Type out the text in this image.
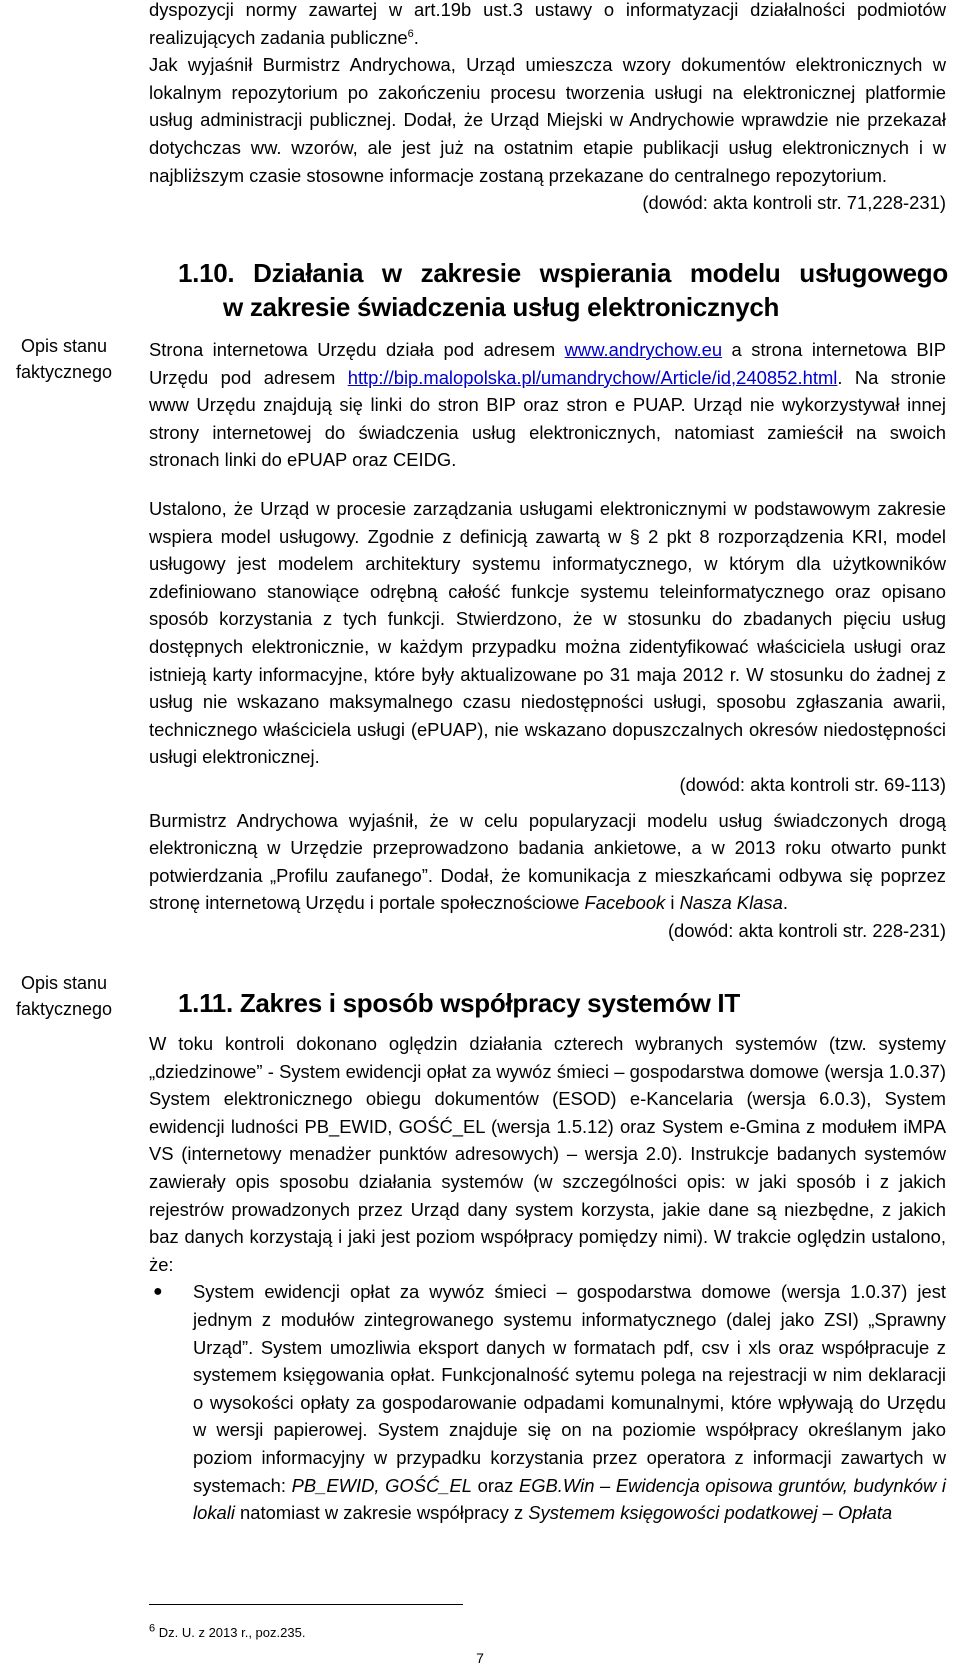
Opis stanu faktycznego
Opis stanu faktycznego

dyspozycji normy zawartej w art.19b ust.3 ustawy o informatyzacji działalności podmiotów realizujących zadania publiczne$^6$.

Jak wyjaśnił Burmistrz Andrychowa, Urząd umieszcza wzory dokumentów elektronicznych w lokalnym repozytorium po zakończeniu procesu tworzenia usługi na elektronicznej platformie usług administracji publicznej. Dodał, że Urząd Miejski w Andrychowie wprawdzie nie przekazał dotychczas ww. wzorów, ale jest już na ostatnim etapie publikacji usług elektronicznych i w najbliższym czasie stosowne informacje zostaną przekazane do centralnego repozytorium.

(dowód: akta kontroli str. 71,228-231)

1.10. Działania w zakresie wspierania modelu usługowego
w zakresie świadczenia usług elektronicznych

Strona internetowa Urzędu działa pod adresem www.andrychow.eu a strona internetowa BIP Urzędu pod adresem http://bip.malopolska.pl/umandrychow/Article/id,240852.html. Na stronie www Urzędu znajdują się linki do stron BIP oraz stron e PUAP. Urząd nie wykorzystywał innej strony internetowej do świadczenia usług elektronicznych, natomiast zamieścił na swoich stronach linki do ePUAP oraz CEIDG.

Ustalono, że Urząd w procesie zarządzania usługami elektronicznymi w podstawowym zakresie wspiera model usługowy. Zgodnie z definicją zawartą w § 2 pkt 8 rozporządzenia KRI, model usługowy jest modelem architektury systemu informatycznego, w którym dla użytkowników zdefiniowano stanowiące odrębną całość funkcje systemu teleinformatycznego oraz opisano sposób korzystania z tych funkcji. Stwierdzono, że w stosunku do zbadanych pięciu usług dostępnych elektronicznie, w każdym przypadku można zidentyfikować właściciela usługi oraz istnieją karty informacyjne, które były aktualizowane po 31 maja 2012 r. W stosunku do żadnej z usług nie wskazano maksymalnego czasu niedostępności usługi, sposobu zgłaszania awarii, technicznego właściciela usługi (ePUAP), nie wskazano dopuszczalnych okresów niedostępności usługi elektronicznej.

(dowód: akta kontroli str. 69-113)

Burmistrz Andrychowa wyjaśnił, że w celu popularyzacji modelu usług świadczonych drogą elektroniczną w Urzędzie przeprowadzono badania ankietowe, a w 2013 roku otwarto punkt potwierdzania „Profilu zaufanego”. Dodał, że komunikacja z mieszkańcami odbywa się poprzez stronę internetową Urzędu i portale społecznościowe Facebook i Nasza Klasa.

(dowód: akta kontroli str. 228-231)

1.11. Zakres i sposób współpracy systemów IT

W toku kontroli dokonano oględzin działania czterech wybranych systemów (tzw. systemy „dziedzinowe” - System ewidencji opłat za wywóz śmieci – gospodarstwa domowe (wersja 1.0.37) System elektronicznego obiegu dokumentów (ESOD) e-Kancelaria (wersja 6.0.3), System ewidencji ludności PB_EWID, GOŚĆ_EL (wersja 1.5.12) oraz System e-Gmina z modułem iMPA VS (internetowy menadżer punktów adresowych) – wersja 2.0). Instrukcje badanych systemów zawierały opis sposobu działania systemów (w szczególności opis: w jaki sposób i z jakich rejestrów prowadzonych przez Urząd dany system korzysta, jakie dane są niezbędne, z jakich baz danych korzystają i jaki jest poziom współpracy pomiędzy nimi). W trakcie oględzin ustalono, że:

● System ewidencji opłat za wywóz śmieci – gospodarstwa domowe (wersja 1.0.37) jest jednym z modułów zintegrowanego systemu informatycznego (dalej jako ZSI) „Sprawny Urząd”. System umozliwia eksport danych w formatach pdf, csv i xls oraz współpracuje z systemem księgowania opłat. Funkcjonalność sytemu polega na rejestracji w nim deklaracji o wysokości opłaty za gospodarowanie odpadami komunalnymi, które wpływają do Urzędu w wersji papierowej. System znajduje się on na poziomie współpracy określanym jako poziom informacyjny w przypadku korzystania przez operatora z informacji zawartych w systemach: PB_EWID, GOŚĆ_EL oraz EGB.Win – Ewidencja opisowa gruntów, budynków i lokali natomiast w zakresie współpracy z Systemem księgowości podatkowej – Opłata

$^6$ Dz. U. z 2013 r., poz.235.
7
